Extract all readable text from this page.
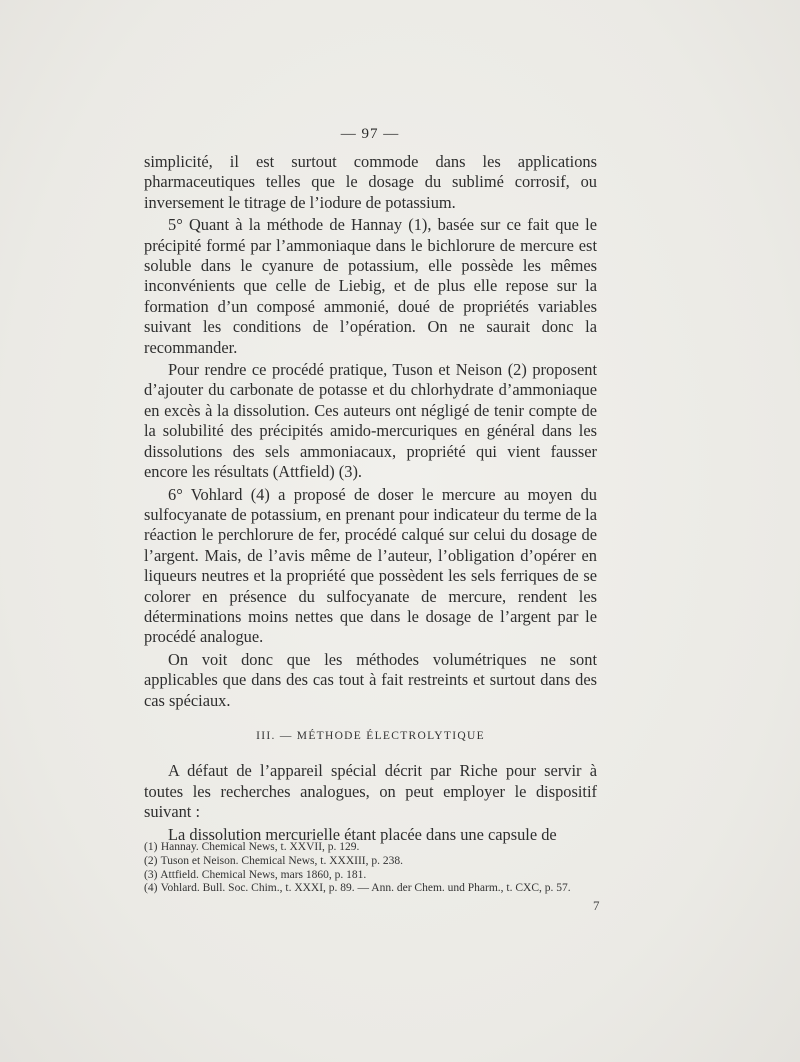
— 97 —

simplicité, il est surtout commode dans les applications pharmaceutiques telles que le dosage du sublimé corrosif, ou inversement le titrage de l’iodure de potassium.

5° Quant à la méthode de Hannay (1), basée sur ce fait que le précipité formé par l’ammoniaque dans le bichlorure de mercure est soluble dans le cyanure de potassium, elle possède les mêmes inconvénients que celle de Liebig, et de plus elle repose sur la formation d’un composé ammonié, doué de propriétés variables suivant les conditions de l’opération. On ne saurait donc la recommander.

Pour rendre ce procédé pratique, Tuson et Neison (2) proposent d’ajouter du carbonate de potasse et du chlorhydrate d’ammoniaque en excès à la dissolution. Ces auteurs ont négligé de tenir compte de la solubilité des précipités amido-mercuriques en général dans les dissolutions des sels ammoniacaux, propriété qui vient fausser encore les résultats (Attfield) (3).

6° Vohlard (4) a proposé de doser le mercure au moyen du sulfocyanate de potassium, en prenant pour indicateur du terme de la réaction le perchlorure de fer, procédé calqué sur celui du dosage de l’argent. Mais, de l’avis même de l’auteur, l’obligation d’opérer en liqueurs neutres et la propriété que possèdent les sels ferriques de se colorer en présence du sulfocyanate de mercure, rendent les déterminations moins nettes que dans le dosage de l’argent par le procédé analogue.

On voit donc que les méthodes volumétriques ne sont applicables que dans des cas tout à fait restreints et surtout dans des cas spéciaux.

III. — MÉTHODE ÉLECTROLYTIQUE

A défaut de l’appareil spécial décrit par Riche pour servir à toutes les recherches analogues, on peut employer le dispositif suivant :

La dissolution mercurielle étant placée dans une capsule de

(1) Hannay. Chemical News, t. XXVII, p. 129.
(2) Tuson et Neison. Chemical News, t. XXXIII, p. 238.
(3) Attfield. Chemical News, mars 1860, p. 181.
(4) Vohlard. Bull. Soc. Chim., t. XXXI, p. 89. — Ann. der Chem. und Pharm., t. CXC, p. 57.
7
